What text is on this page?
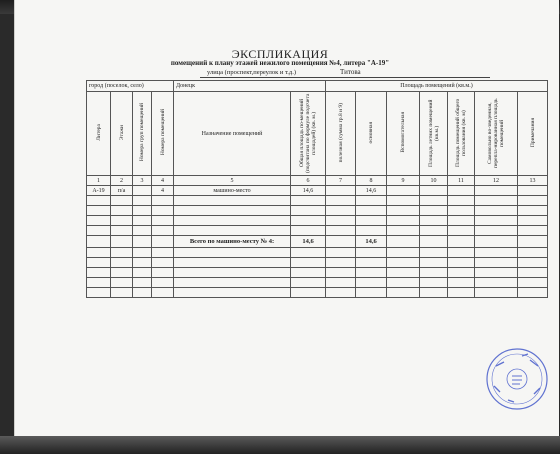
ЭКСПЛИКАЦИЯ
помещений к плану этажей нежилого помещения №4, литера "А-19"
улица (проспект,переулок и т.д.)	Титова
город (поселок, село)				Донецк		Площадь помещений (кв.м.)						
Литера	Этажи	Номера груп помещений	Номера помещений	Назначение помещений	Общая площадь по-мещений (подсчитана по формуле подсчета площадей) (кв. м.)	полезная (сумма гр.8 и 9)	основная	Вспомогательная	Площадь летних помещений (кв.м.)	Площадь помещений общего пользования (кв. м)	Самовольно во-зведенная, перепла-нированная площадь помещений	Примечания
1	2	3	4	5	6	7	8	9	10	11	12	13
А-19	п/а		4	машино-место	14,6		14,6					

				Всего по машино-месту № 4:	14,6		14,6					
